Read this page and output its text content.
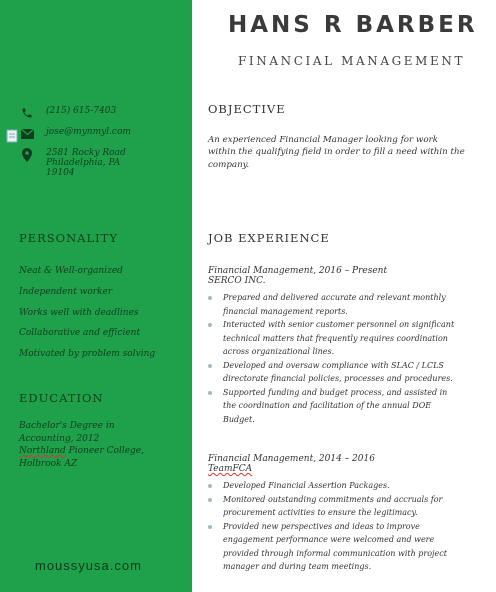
HANS R BARBER
FINANCIAL MANAGEMENT
(215) 615-7403
jose@mynmyl.com
2581 Rocky Road
Philadelphia, PA
19104
PERSONALITY
Neat & Well-organized
Independent worker
Works well with deadlines
Collaborative and efficient
Motivated by problem solving
EDUCATION
Bachelor's Degree in
Accounting, 2012
Northland Pioneer College,
Holbrook AZ
moussyusa.com
OBJECTIVE
An experienced Financial Manager looking for work within the qualifying field in order to fill a need within the company.
JOB EXPERIENCE
Financial Management, 2016 – Present
SERCO INC.
Prepared and delivered accurate and relevant monthly financial management reports.
Interacted with senior customer personnel on significant technical matters that frequently requires coordination across organizational lines.
Developed and oversaw compliance with SLAC / LCLS directorate financial policies, processes and procedures.
Supported funding and budget process, and assisted in the coordination and facilitation of the annual DOE Budget.
Financial Management, 2014 – 2016
TeamFCA
Developed Financial Assertion Packages.
Monitored outstanding commitments and accruals for procurement activities to ensure the legitimacy.
Provided new perspectives and ideas to improve engagement performance were welcomed and were provided through informal communication with project manager and during team meetings.
